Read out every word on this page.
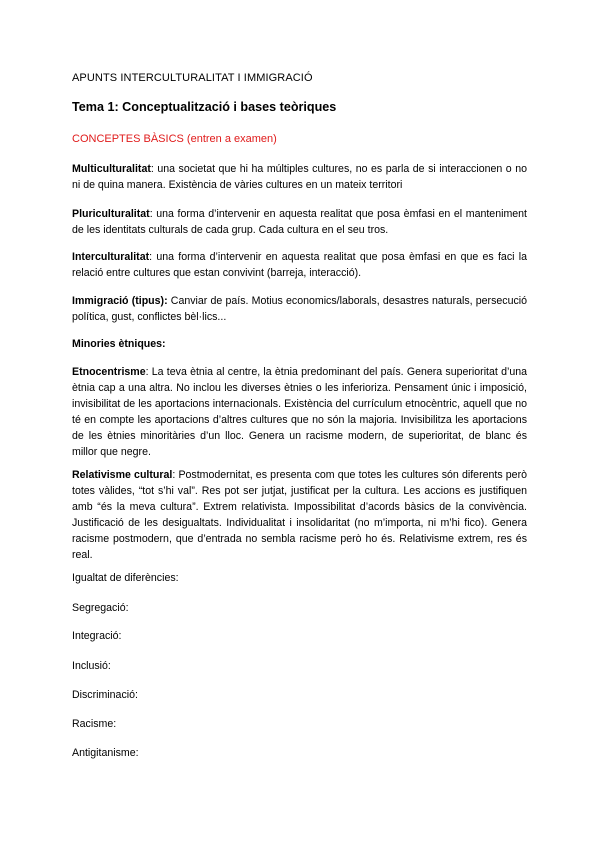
APUNTS INTERCULTURALITAT I IMMIGRACIÓ
Tema 1: Conceptualització i bases teòriques
CONCEPTES BÀSICS (entren a examen)

Multiculturalitat: una societat que hi ha múltiples cultures, no es parla de si interaccionen o no ni de quina manera. Existència de vàries cultures en un mateix territori

Pluriculturalitat: una forma d’intervenir en aquesta realitat que posa èmfasi en el manteniment de les identitats culturals de cada grup. Cada cultura en el seu tros.

Interculturalitat: una forma d’intervenir en aquesta realitat que posa èmfasi en que es faci la relació entre cultures que estan convivint (barreja, interacció).

Immigració (tipus): Canviar de país. Motius economics/laborals, desastres naturals, persecució política, gust, conflictes bèl·lics...

Minories ètniques:

Etnocentrisme: La teva ètnia al centre, la ètnia predominant del país. Genera superioritat d’una ètnia cap a una altra. No inclou les diverses ètnies o les inferioriza. Pensament únic i imposició, invisibilitat de les aportacions internacionals. Existència del currículum etnocèntric, aquell que no té en compte les aportacions d’altres cultures que no són la majoria. Invisibilitza les aportacions de les ètnies minoritàries d’un lloc. Genera un racisme modern, de superioritat, de blanc és millor que negre.

Relativisme cultural: Postmodernitat, es presenta com que totes les cultures són diferents però totes vàlides, “tot s’hi val”. Res pot ser jutjat, justificat per la cultura. Les accions es justifiquen amb “és la meva cultura”. Extrem relativista. Impossibilitat d’acords bàsics de la convivència. Justificació de les desigualtats. Individualitat i insolidaritat (no m’importa, ni m’hi fico). Genera racisme postmodern, que d’entrada no sembla racisme però ho és. Relativisme extrem, res és real.

Igualtat de diferències:
Segregació:
Integració:
Inclusió:
Discriminació:
Racisme:
Antigitanisme:
